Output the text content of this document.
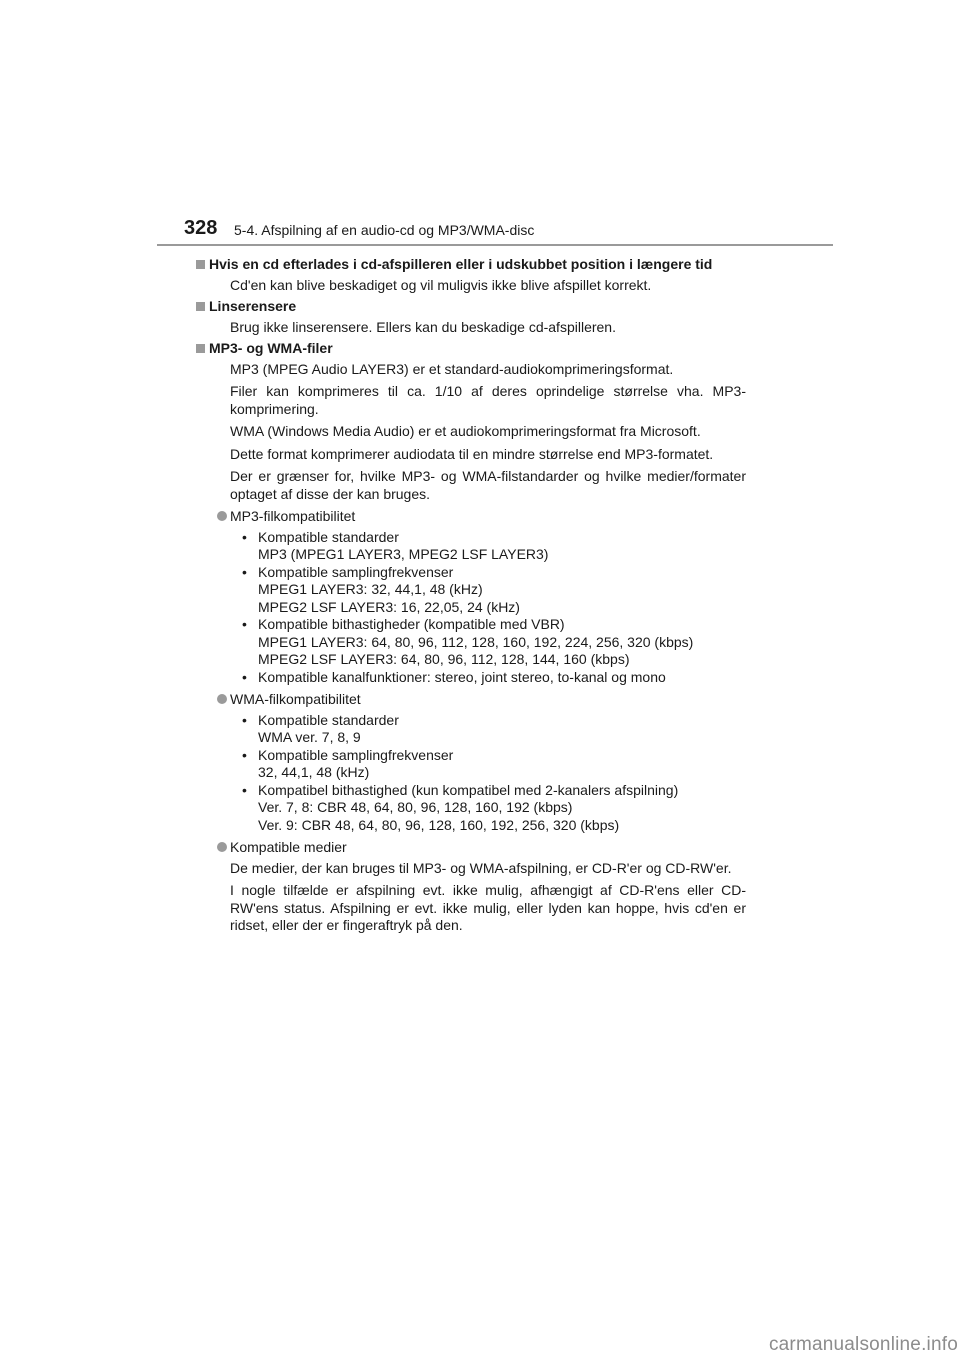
328 5-4. Afspilning af en audio-cd og MP3/WMA-disc
Hvis en cd efterlades i cd-afspilleren eller i udskubbet position i længere tid
Cd'en kan blive beskadiget og vil muligvis ikke blive afspillet korrekt.
Linserensere
Brug ikke linserensere. Ellers kan du beskadige cd-afspilleren.
MP3- og WMA-filer
MP3 (MPEG Audio LAYER3) er et standard-audiokomprimeringsformat.
Filer kan komprimeres til ca. 1/10 af deres oprindelige størrelse vha. MP3-komprimering.
WMA (Windows Media Audio) er et audiokomprimeringsformat fra Microsoft.
Dette format komprimerer audiodata til en mindre størrelse end MP3-formatet.
Der er grænser for, hvilke MP3- og WMA-filstandarder og hvilke medier/formater optaget af disse der kan bruges.
MP3-filkompatibilitet
• Kompatible standarder
MP3 (MPEG1 LAYER3, MPEG2 LSF LAYER3)
• Kompatible samplingfrekvenser
MPEG1 LAYER3: 32, 44,1, 48 (kHz)
MPEG2 LSF LAYER3: 16, 22,05, 24 (kHz)
• Kompatible bithastigheder (kompatible med VBR)
MPEG1 LAYER3: 64, 80, 96, 112, 128, 160, 192, 224, 256, 320 (kbps)
MPEG2 LSF LAYER3: 64, 80, 96, 112, 128, 144, 160 (kbps)
• Kompatible kanalfunktioner: stereo, joint stereo, to-kanal og mono
WMA-filkompatibilitet
• Kompatible standarder
WMA ver. 7, 8, 9
• Kompatible samplingfrekvenser
32, 44,1, 48 (kHz)
• Kompatibel bithastighed (kun kompatibel med 2-kanalers afspilning)
Ver. 7, 8: CBR 48, 64, 80, 96, 128, 160, 192 (kbps)
Ver. 9: CBR 48, 64, 80, 96, 128, 160, 192, 256, 320 (kbps)
Kompatible medier
De medier, der kan bruges til MP3- og WMA-afspilning, er CD-R'er og CD-RW'er.
I nogle tilfælde er afspilning evt. ikke mulig, afhængigt af CD-R'ens eller CD-RW'ens status. Afspilning er evt. ikke mulig, eller lyden kan hoppe, hvis cd'en er ridset, eller der er fingeraftryk på den.
carmanualsonline.info
